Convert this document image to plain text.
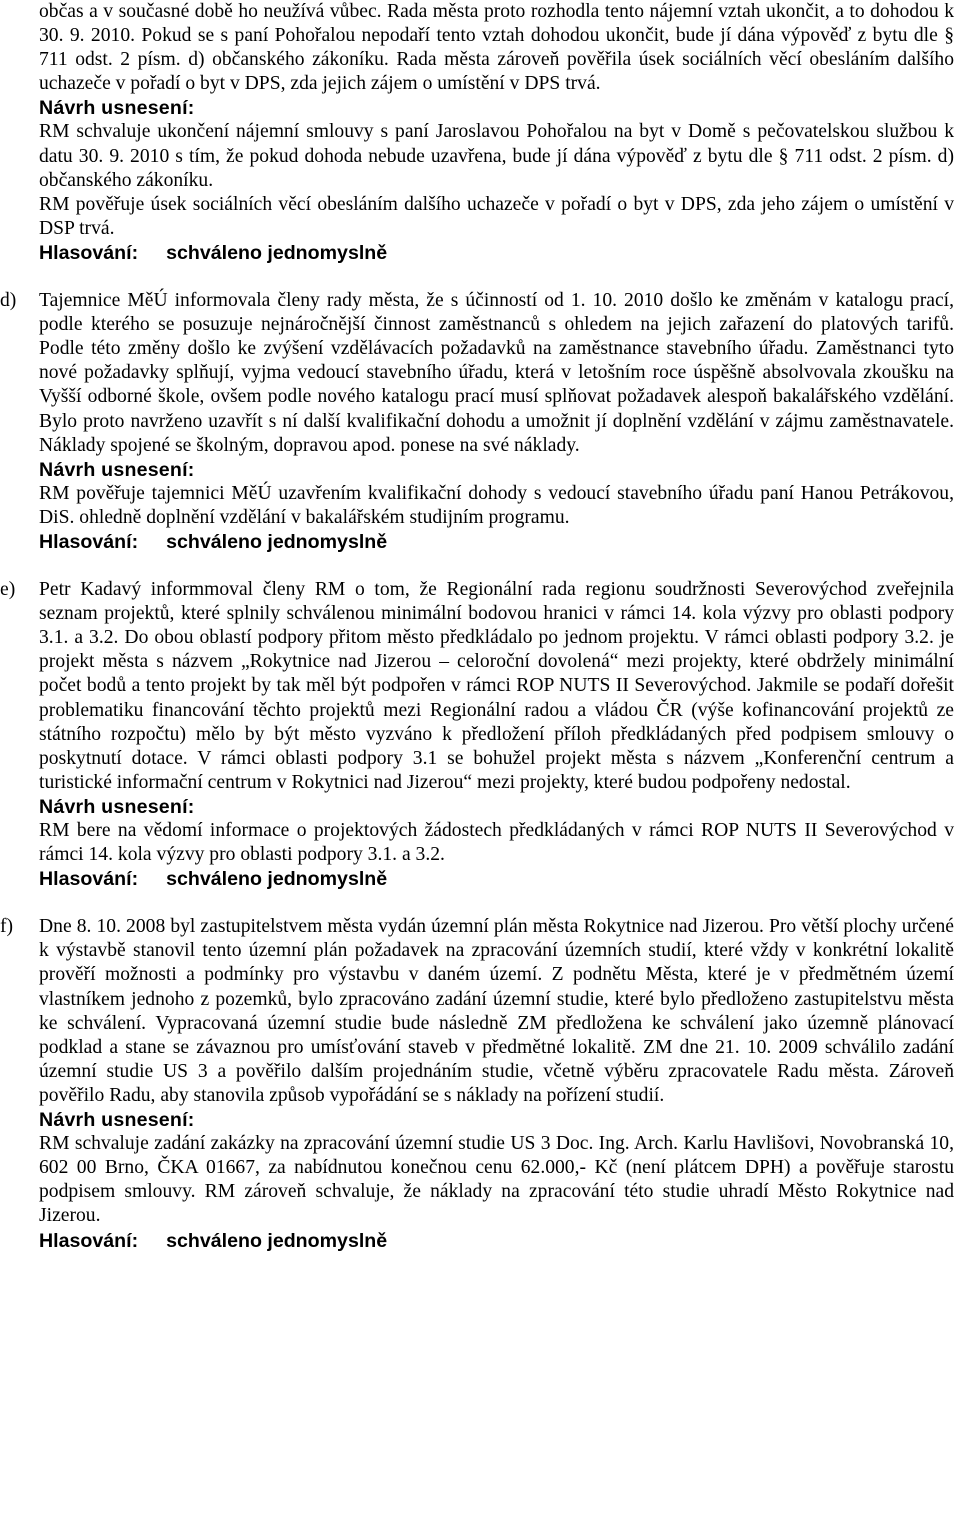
občas a v současné době ho neužívá vůbec. Rada města proto rozhodla tento nájemní vztah ukončit, a to dohodou k 30. 9. 2010. Pokud se s paní Pohořalou nepodaří tento vztah dohodou ukončit, bude jí dána výpověď z bytu dle § 711 odst. 2 písm. d) občanského zákoníku. Rada města zároveň pověřila úsek sociálních věcí obesláním dalšího uchazeče v pořadí o byt v DPS, zda jejich zájem o umístění v DPS trvá.
Návrh usnesení:
RM schvaluje ukončení nájemní smlouvy s paní Jaroslavou Pohořalou na byt v Domě s pečovatelskou službou k datu 30. 9. 2010 s tím, že pokud dohoda nebude uzavřena, bude jí dána výpověď z bytu dle § 711 odst. 2 písm. d) občanského zákoníku.
RM pověřuje úsek sociálních věcí obesláním dalšího uchazeče v pořadí o byt v DPS, zda jeho zájem o umístění v DSP trvá.
Hlasování: schváleno jednomyslně
d) Tajemnice MěÚ informovala členy rady města, že s účinností od 1. 10. 2010 došlo ke změnám v katalogu prací, podle kterého se posuzuje nejnáročnější činnost zaměstnanců s ohledem na jejich zařazení do platových tarifů. Podle této změny došlo ke zvýšení vzdělávacích požadavků na zaměstnance stavebního úřadu. Zaměstnanci tyto nové požadavky splňují, vyjma vedoucí stavebního úřadu, která v letošním roce úspěšně absolvovala zkoušku na Vyšší odborné škole, ovšem podle nového katalogu prací musí splňovat požadavek alespoň bakalářského vzdělání. Bylo proto navrženo uzavřít s ní další kvalifikační dohodu a umožnit jí doplnění vzdělání v zájmu zaměstnavatele. Náklady spojené se školným, dopravou apod. ponese na své náklady.
Návrh usnesení:
RM pověřuje tajemnici MěÚ uzavřením kvalifikační dohody s vedoucí stavebního úřadu paní Hanou Petrákovou, DiS. ohledně doplnění vzdělání v bakalářském studijním programu.
Hlasování: schváleno jednomyslně
e) Petr Kadavý informmoval členy RM o tom, že Regionální rada regionu soudržnosti Severovýchod zveřejnila seznam projektů, které splnily schválenou minimální bodovou hranici v rámci 14. kola výzvy pro oblasti podpory 3.1. a 3.2. Do obou oblastí podpory přitom město předkládalo po jednom projektu. V rámci oblasti podpory 3.2. je projekt města s názvem „Rokytnice nad Jizerou – celoroční dovolená“ mezi projekty, které obdržely minimální počet bodů a tento projekt by tak měl být podpořen v rámci ROP NUTS II Severovýchod. Jakmile se podaří dořešit problematiku financování těchto projektů mezi Regionální radou a vládou ČR (výše kofinancování projektů ze státního rozpočtu) mělo by být město vyzváno k předložení příloh předkládaných před podpisem smlouvy o poskytnutí dotace. V rámci oblasti podpory 3.1 se bohužel projekt města s názvem „Konferenční centrum a turistické informační centrum v Rokytnici nad Jizerou“ mezi projekty, které budou podpořeny nedostal.
Návrh usnesení:
RM bere na vědomí informace o projektových žádostech předkládaných v rámci ROP NUTS II Severovýchod v rámci 14. kola výzvy pro oblasti podpory 3.1. a 3.2.
Hlasování: schváleno jednomyslně
f) Dne 8. 10. 2008 byl zastupitelstvem města vydán územní plán města Rokytnice nad Jizerou. Pro větší plochy určené k výstavbě stanovil tento územní plán požadavek na zpracování územních studií, které vždy v konkrétní lokalitě prověří možnosti a podmínky pro výstavbu v daném území. Z podnětu Města, které je v předmětném území vlastníkem jednoho z pozemků, bylo zpracováno zadání územní studie, které bylo předloženo zastupitelstvu města ke schválení. Vypracovaná územní studie bude následně ZM předložena ke schválení jako územně plánovací podklad a stane se závaznou pro umísťování staveb v předmětné lokalitě. ZM dne 21. 10. 2009 schválilo zadání územní studie US 3 a pověřilo dalším projednáním studie, včetně výběru zpracovatele Radu města. Zároveň pověřilo Radu, aby stanovila způsob vypořádání se s náklady na pořízení studií.
Návrh usnesení:
RM schvaluje zadání zakázky na zpracování územní studie US 3 Doc. Ing. Arch. Karlu Havlišovi, Novobranská 10, 602 00 Brno, ČKA 01667, za nabídnutou konečnou cenu 62.000,- Kč (není plátcem DPH) a pověřuje starostu podpisem smlouvy. RM zároveň schvaluje, že náklady na zpracování této studie uhradí Město Rokytnice nad Jizerou.
Hlasování: schváleno jednomyslně
